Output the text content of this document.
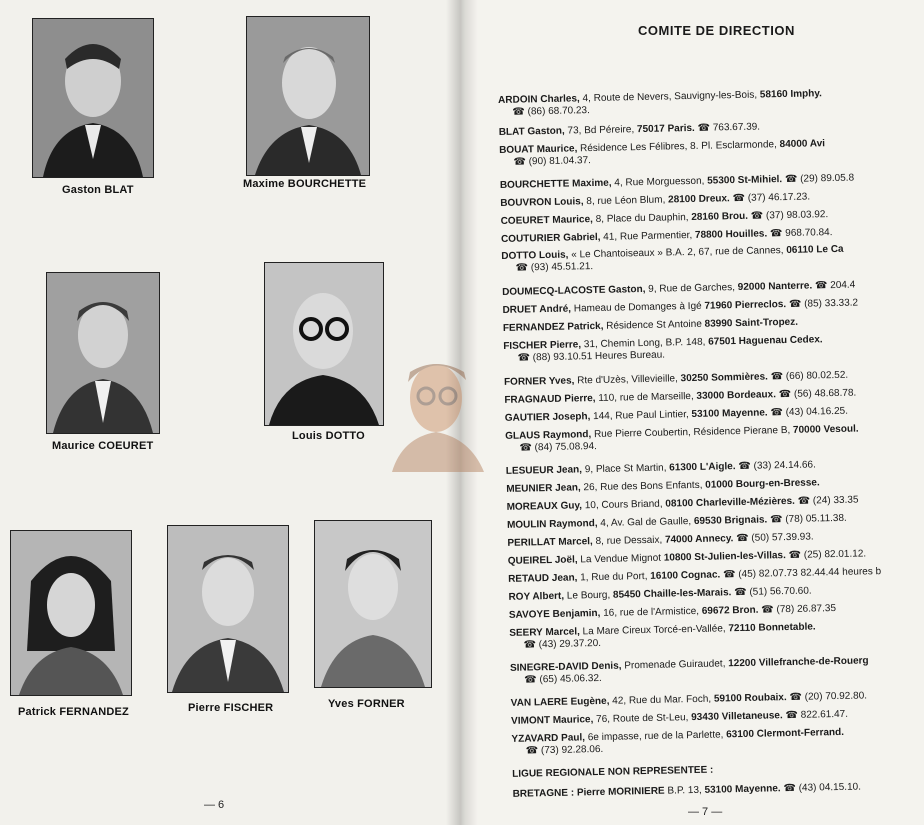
Gaston BLAT	Maxime BOURCHETTE
Maurice COEURET
Louis DOTTO
Patrick FERNANDEZ	Pierre FISCHER	Yves FORNER
— 6
COMITE DE DIRECTION
ARDOIN Charles, 4, Route de Nevers, Sauvigny-les-Bois, 58160 Imphy.
☎ (86) 68.70.23.
BLAT Gaston, 73, Bd Péreire, 75017 Paris. ☎ 763.67.39.
BOUAT Maurice, Résidence Les Félibres, 8. Pl. Esclarmonde, 84000 Avi
☎ (90) 81.04.37.
BOURCHETTE Maxime, 4, Rue Morguesson, 55300 St-Mihiel. ☎ (29) 89.05.8
BOUVRON Louis, 8, rue Léon Blum, 28100 Dreux. ☎ (37) 46.17.23.
COEURET Maurice, 8, Place du Dauphin, 28160 Brou. ☎ (37) 98.03.92.
COUTURIER Gabriel, 41, Rue Parmentier, 78800 Houilles. ☎ 968.70.84.
DOTTO Louis, « Le Chantoiseaux » B.A. 2, 67, rue de Cannes, 06110 Le Ca
☎ (93) 45.51.21.
DOUMECQ-LACOSTE Gaston, 9, Rue de Garches, 92000 Nanterre. ☎ 204.4
DRUET André, Hameau de Domanges à Igé 71960 Pierreclos. ☎ (85) 33.33.2
FERNANDEZ Patrick, Résidence St Antoine 83990 Saint-Tropez.
FISCHER Pierre, 31, Chemin Long, B.P. 148, 67501 Haguenau Cedex.
☎ (88) 93.10.51 Heures Bureau.
FORNER Yves, Rte d'Uzès, Villevieille, 30250 Sommières. ☎ (66) 80.02.52.
FRAGNAUD Pierre, 110, rue de Marseille, 33000 Bordeaux. ☎ (56) 48.68.78.
GAUTIER Joseph, 144, Rue Paul Lintier, 53100 Mayenne. ☎ (43) 04.16.25.
GLAUS Raymond, Rue Pierre Coubertin, Résidence Pierane B, 70000 Vesoul.
☎ (84) 75.08.94.
LESUEUR Jean, 9, Place St Martin, 61300 L'Aigle. ☎ (33) 24.14.66.
MEUNIER Jean, 26, Rue des Bons Enfants, 01000 Bourg-en-Bresse.
MOREAUX Guy, 10, Cours Briand, 08100 Charleville-Mézières. ☎ (24) 33.35
MOULIN Raymond, 4, Av. Gal de Gaulle, 69530 Brignais. ☎ (78) 05.11.38.
PERILLAT Marcel, 8, rue Dessaix, 74000 Annecy. ☎ (50) 57.39.93.
QUEIREL Joël, La Vendue Mignot 10800 St-Julien-les-Villas. ☎ (25) 82.01.12.
RETAUD Jean, 1, Rue du Port, 16100 Cognac. ☎ (45) 82.07.73 82.44.44 heures b
ROY Albert, Le Bourg, 85450 Chaille-les-Marais. ☎ (51) 56.70.60.
SAVOYE Benjamin, 16, rue de l'Armistice, 69672 Bron. ☎ (78) 26.87.35
SEERY Marcel, La Mare Cireux Torcé-en-Vallée, 72110 Bonnetable.
☎ (43) 29.37.20.
SINEGRE-DAVID Denis, Promenade Guiraudet, 12200 Villefranche-de-Rouerg
☎ (65) 45.06.32.
VAN LAERE Eugène, 42, Rue du Mar. Foch, 59100 Roubaix. ☎ (20) 70.92.80.
VIMONT Maurice, 76, Route de St-Leu, 93430 Villetaneuse. ☎ 822.61.47.
YZAVARD Paul, 6e impasse, rue de la Parlette, 63100 Clermont-Ferrand.
☎ (73) 92.28.06.
LIGUE REGIONALE NON REPRESENTEE :
BRETAGNE : Pierre MORINIERE B.P. 13, 53100 Mayenne. ☎ (43) 04.15.10.
— 7 —
